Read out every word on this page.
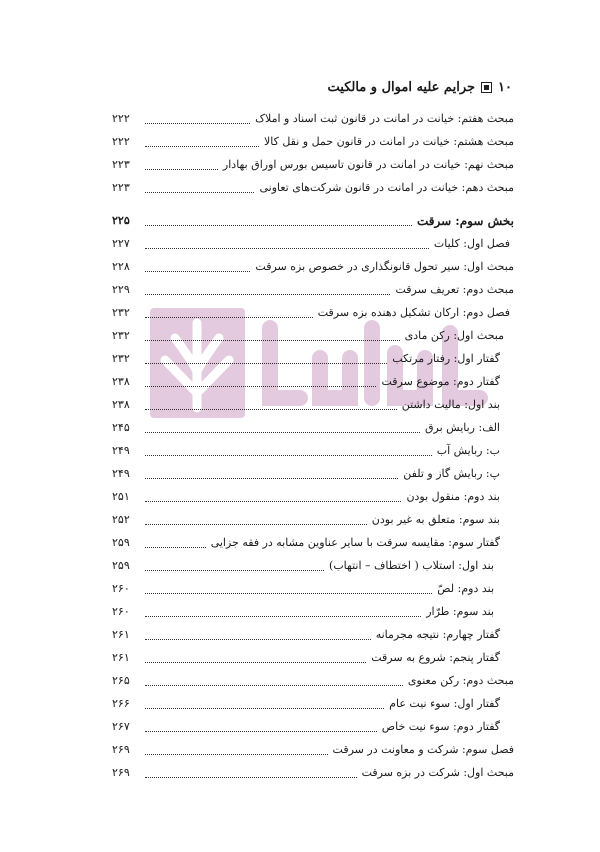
۱۰
جرایم علیه اموال و مالکیت
مبحث هفتم: خیانت در امانت در قانون ثبت اسناد و املاک
۲۲۲
مبحث هشتم: خیانت در امانت در قانون حمل و نقل کالا
۲۲۲
مبحث نهم: خیانت در امانت در قانون تاسیس بورس اوراق بهادار
۲۲۳
مبحث دهم: خیانت در امانت در قانون شرکت‌های تعاونی
۲۲۳
بخش سوم: سرقت
۲۲۵
فصل اول: کلیات
۲۲۷
مبحث اول: سیر تحول قانونگذاری در خصوص بزه سرقت
۲۲۸
مبحث دوم: تعریف سرقت
۲۲۹
فصل دوم: ارکان تشکیل دهنده بزه سرقت
۲۳۲
مبحث اول: رکن مادی
۲۳۲
گفتار اول: رفتار مرتکب
۲۳۲
گفتار دوم: موضوع سرقت
۲۳۸
بند اول: مالیت داشتن
۲۳۸
الف: ربایش برق
۲۴۵
ب: ربایش آب
۲۴۹
پ: ربایش گاز و تلفن
۲۴۹
بند دوم: منقول بودن
۲۵۱
بند سوم: متعلق به غیر بودن
۲۵۲
گفتار سوم: مقایسه سرقت با سایر عناوین مشابه در فقه جزایی
۲۵۹
بند اول: استلاب ( اختطاف – انتهاب)
۲۵۹
بند دوم: لصّ
۲۶۰
بند سوم: طرّار
۲۶۰
گفتار چهارم: نتیجه مجرمانه
۲۶۱
گفتار پنجم: شروع به سرقت
۲۶۱
مبحث دوم: رکن معنوی
۲۶۵
گفتار اول: سوء نیت عام
۲۶۶
گفتار دوم: سوء نیت خاص
۲۶۷
فصل سوم: شرکت و معاونت در سرقت
۲۶۹
مبحث اول: شرکت در بزه سرقت
۲۶۹
